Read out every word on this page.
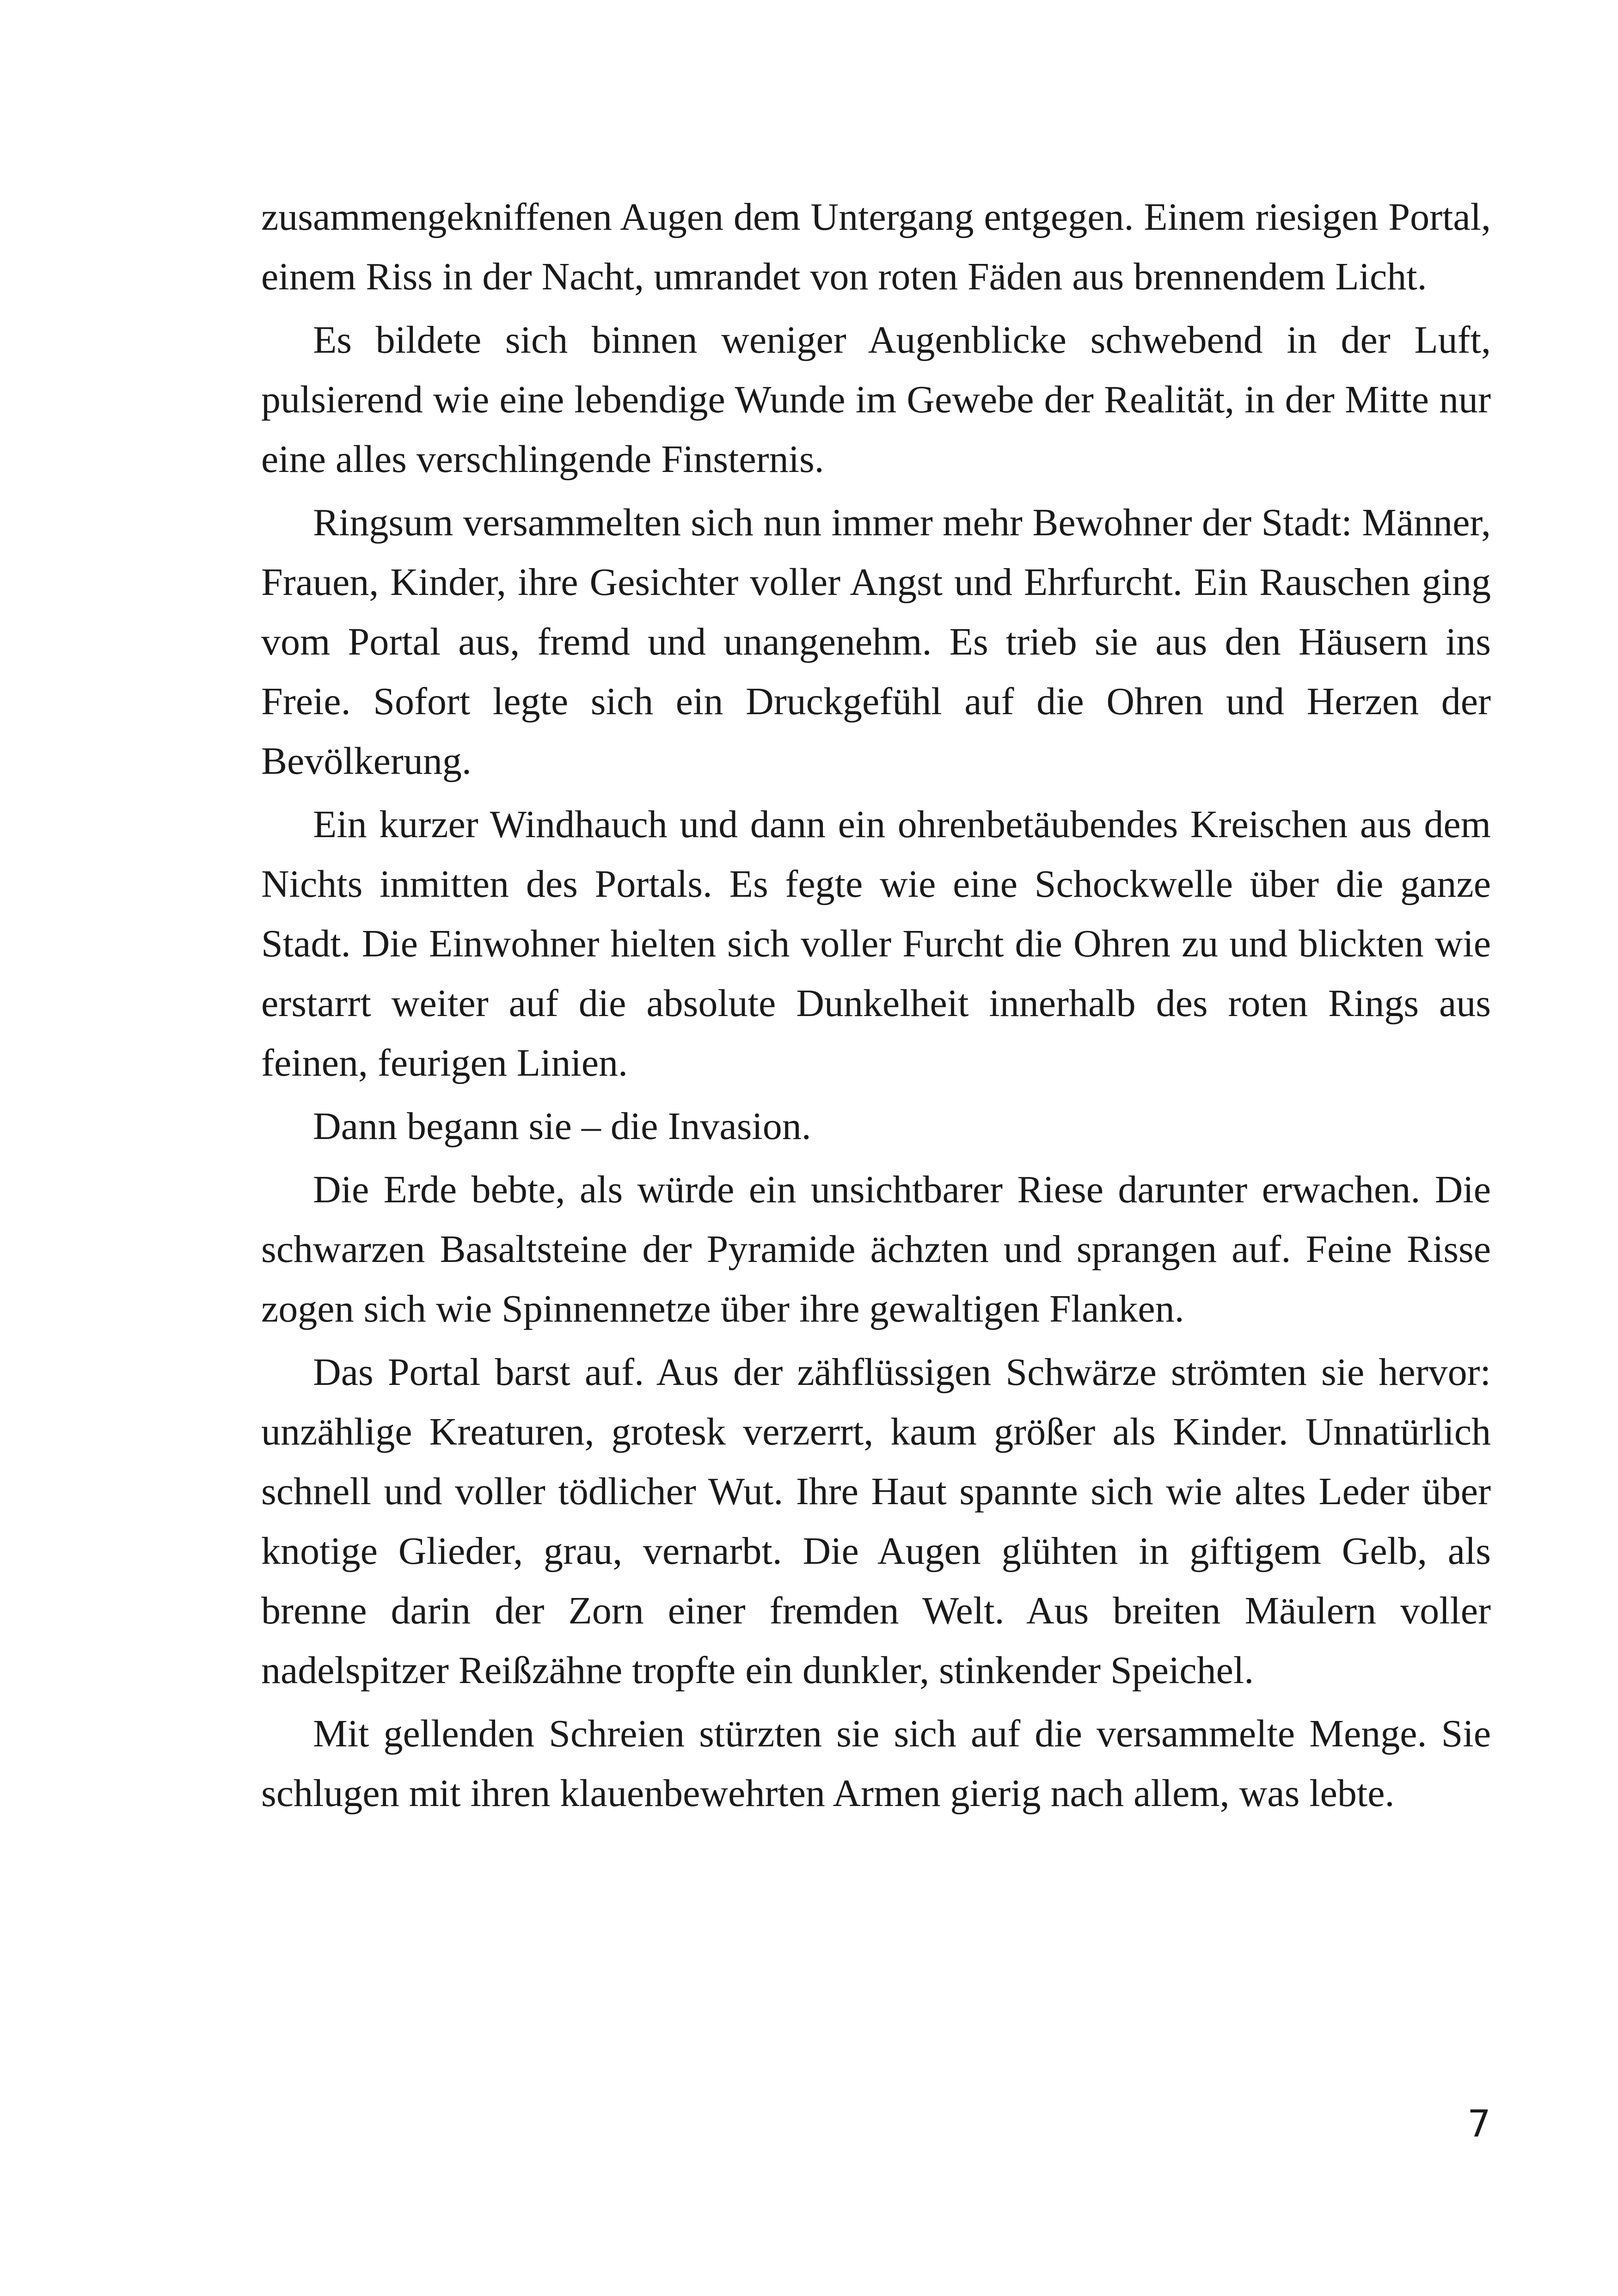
zusammengekniffenen Augen dem Untergang entgegen. Einem riesigen Portal, einem Riss in der Nacht, umrandet von roten Fäden aus brennendem Licht.

Es bildete sich binnen weniger Augenblicke schwebend in der Luft, pulsierend wie eine lebendige Wunde im Gewebe der Realität, in der Mitte nur eine alles verschlingende Finsternis.

Ringsum versammelten sich nun immer mehr Bewohner der Stadt: Männer, Frauen, Kinder, ihre Gesichter voller Angst und Ehrfurcht. Ein Rauschen ging vom Portal aus, fremd und unangenehm. Es trieb sie aus den Häusern ins Freie. Sofort legte sich ein Druckgefühl auf die Ohren und Herzen der Bevölkerung.

Ein kurzer Windhauch und dann ein ohrenbetäubendes Kreischen aus dem Nichts inmitten des Portals. Es fegte wie eine Schockwelle über die ganze Stadt. Die Einwohner hielten sich voller Furcht die Ohren zu und blickten wie erstarrt weiter auf die absolute Dunkelheit innerhalb des roten Rings aus feinen, feurigen Linien.

Dann begann sie – die Invasion.

Die Erde bebte, als würde ein unsichtbarer Riese darunter erwachen. Die schwarzen Basaltsteine der Pyramide ächzten und sprangen auf. Feine Risse zogen sich wie Spinnennetze über ihre gewaltigen Flanken.

Das Portal barst auf. Aus der zähflüssigen Schwärze strömten sie hervor: unzählige Kreaturen, grotesk verzerrt, kaum größer als Kinder. Unnatürlich schnell und voller tödlicher Wut. Ihre Haut spannte sich wie altes Leder über knotige Glieder, grau, vernarbt. Die Augen glühten in giftigem Gelb, als brenne darin der Zorn einer fremden Welt. Aus breiten Mäulern voller nadelspitzer Reißzähne tropfte ein dunkler, stinkender Speichel.

Mit gellenden Schreien stürzten sie sich auf die versammelte Menge. Sie schlugen mit ihren klauenbewehrten Armen gierig nach allem, was lebte.

7
